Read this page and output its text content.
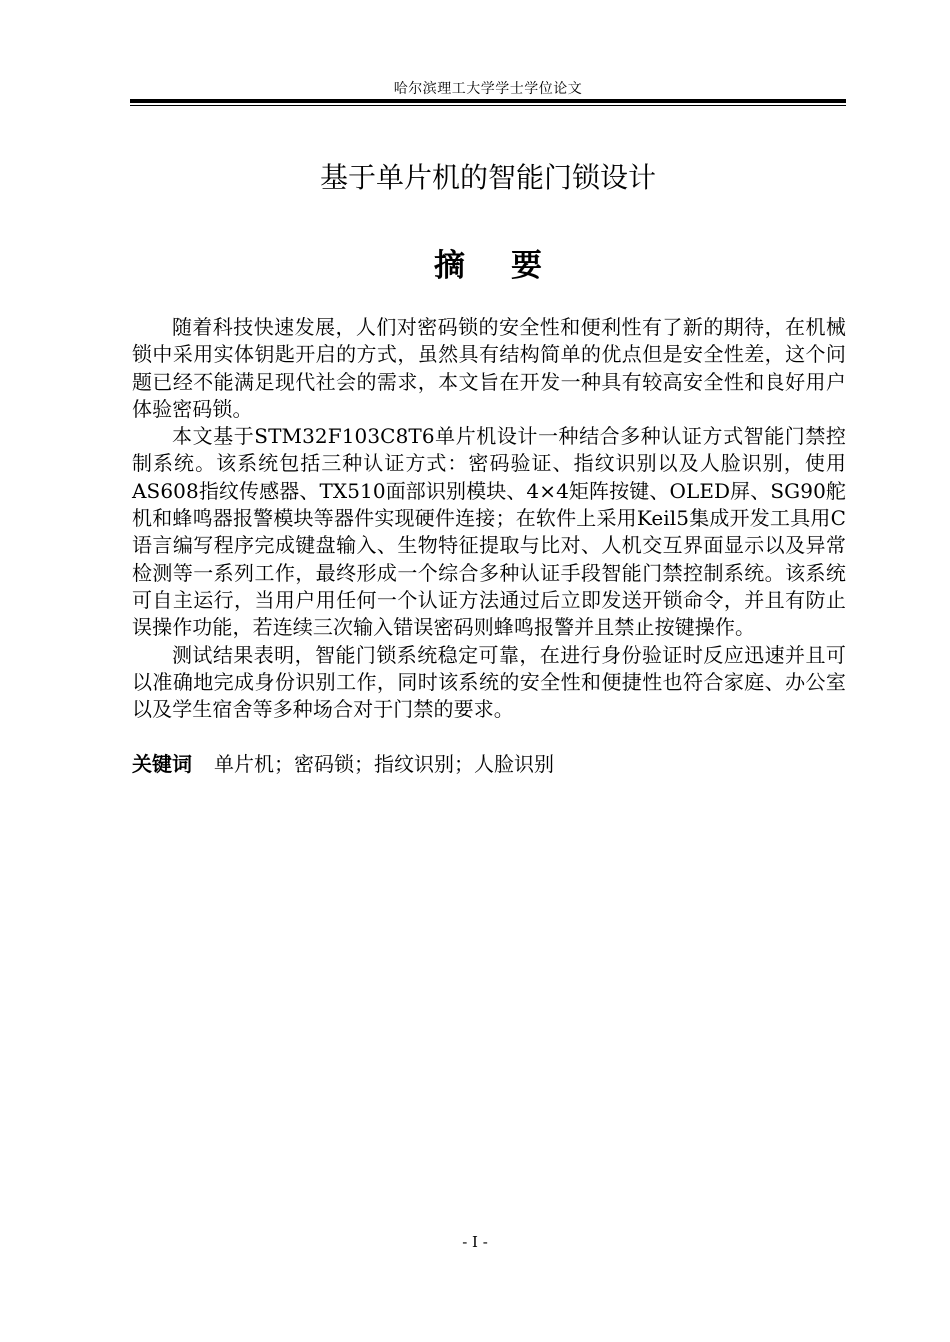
哈尔滨理工大学学士学位论文
基于单片机的智能门锁设计
摘 要

随着科技快速发展，人们对密码锁的安全性和便利性有了新的期待，在机械锁中采用实体钥匙开启的方式，虽然具有结构简单的优点但是安全性差，这个问题已经不能满足现代社会的需求，本文旨在开发一种具有较高安全性和良好用户体验密码锁。

本文基于STM32F103C8T6单片机设计一种结合多种认证方式智能门禁控制系统。该系统包括三种认证方式：密码验证、指纹识别以及人脸识别，使用AS608指纹传感器、TX510面部识别模块、4×4矩阵按键、OLED屏、SG90舵机和蜂鸣器报警模块等器件实现硬件连接；在软件上采用Keil5集成开发工具用C语言编写程序完成键盘输入、生物特征提取与比对、人机交互界面显示以及异常检测等一系列工作，最终形成一个综合多种认证手段智能门禁控制系统。该系统可自主运行，当用户用任何一个认证方法通过后立即发送开锁命令，并且有防止误操作功能，若连续三次输入错误密码则蜂鸣报警并且禁止按键操作。

测试结果表明，智能门锁系统稳定可靠，在进行身份验证时反应迅速并且可以准确地完成身份识别工作，同时该系统的安全性和便捷性也符合家庭、办公室以及学生宿舍等多种场合对于门禁的要求。

关键词 单片机；密码锁；指纹识别；人脸识别
- I -
